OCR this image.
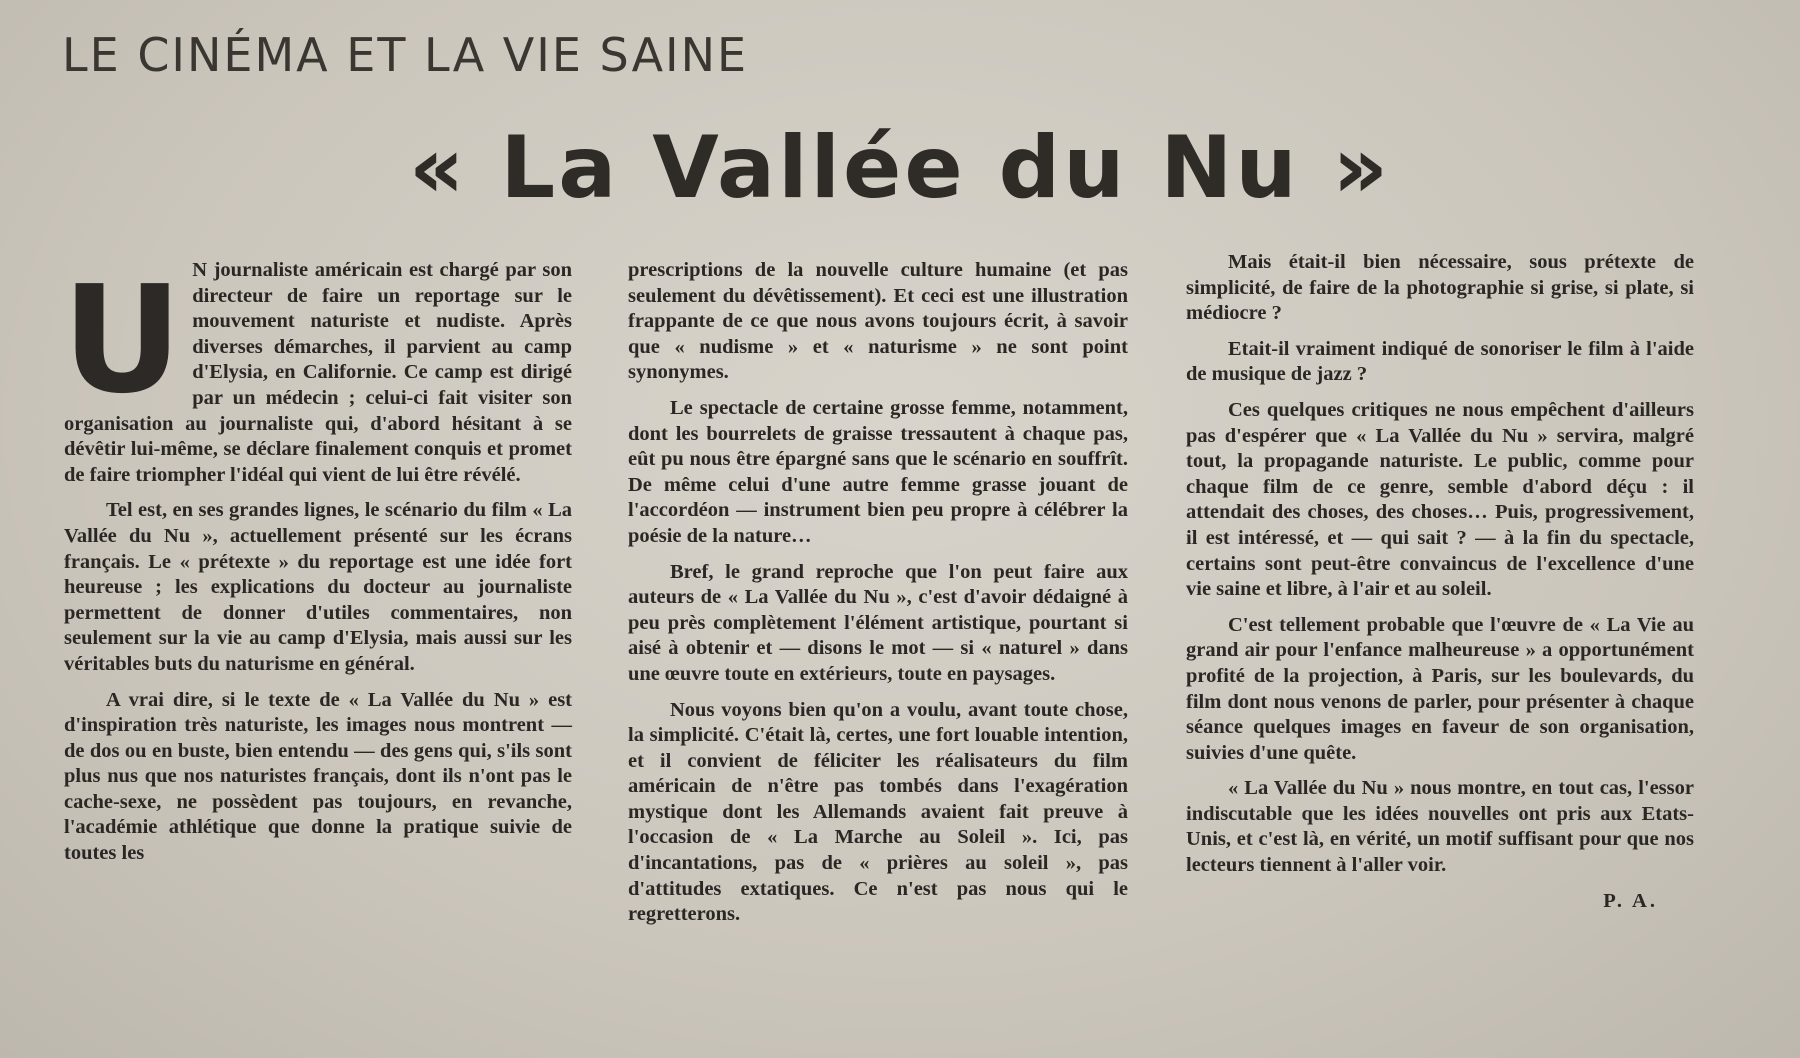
LE CINÉMA ET LA VIE SAINE
« La Vallée du Nu »
U N journaliste américain est chargé par son directeur de faire un reportage sur le mouvement naturiste et nudiste. Après diverses démarches, il parvient au camp d'Elysia, en Californie. Ce camp est dirigé par un médecin ; celui-ci fait visiter son organisation au journaliste qui, d'abord hésitant à se dévêtir lui-même, se déclare finalement conquis et promet de faire triompher l'idéal qui vient de lui être révélé.

Tel est, en ses grandes lignes, le scénario du film « La Vallée du Nu », actuellement présenté sur les écrans français. Le « prétexte » du reportage est une idée fort heureuse ; les explications du docteur au journaliste permettent de donner d'utiles commentaires, non seulement sur la vie au camp d'Elysia, mais aussi sur les véritables buts du naturisme en général.

A vrai dire, si le texte de « La Vallée du Nu » est d'inspiration très naturiste, les images nous montrent — de dos ou en buste, bien entendu — des gens qui, s'ils sont plus nus que nos naturistes français, dont ils n'ont pas le cache-sexe, ne possèdent pas toujours, en revanche, l'académie athlétique que donne la pratique suivie de toutes les

prescriptions de la nouvelle culture humaine (et pas seulement du dévêtissement). Et ceci est une illustration frappante de ce que nous avons toujours écrit, à savoir que « nudisme » et « naturisme » ne sont point synonymes.

Le spectacle de certaine grosse femme, notamment, dont les bourrelets de graisse tressautent à chaque pas, eût pu nous être épargné sans que le scénario en souffrît. De même celui d'une autre femme grasse jouant de l'accordéon — instrument bien peu propre à célébrer la poésie de la nature…

Bref, le grand reproche que l'on peut faire aux auteurs de « La Vallée du Nu », c'est d'avoir dédaigné à peu près complètement l'élément artistique, pourtant si aisé à obtenir et — disons le mot — si « naturel » dans une œuvre toute en extérieurs, toute en paysages.

Nous voyons bien qu'on a voulu, avant toute chose, la simplicité. C'était là, certes, une fort louable intention, et il convient de féliciter les réalisateurs du film américain de n'être pas tombés dans l'exagération mystique dont les Allemands avaient fait preuve à l'occasion de « La Marche au Soleil ». Ici, pas d'incantations, pas de « prières au soleil », pas d'attitudes extatiques. Ce n'est pas nous qui le regretterons.

Mais était-il bien nécessaire, sous prétexte de simplicité, de faire de la photographie si grise, si plate, si médiocre ?

Etait-il vraiment indiqué de sonoriser le film à l'aide de musique de jazz ?

Ces quelques critiques ne nous empêchent d'ailleurs pas d'espérer que « La Vallée du Nu » servira, malgré tout, la propagande naturiste. Le public, comme pour chaque film de ce genre, semble d'abord déçu : il attendait des choses, des choses… Puis, progressivement, il est intéressé, et — qui sait ? — à la fin du spectacle, certains sont peut-être convaincus de l'excellence d'une vie saine et libre, à l'air et au soleil.

C'est tellement probable que l'œuvre de « La Vie au grand air pour l'enfance malheureuse » a opportunément profité de la projection, à Paris, sur les boulevards, du film dont nous venons de parler, pour présenter à chaque séance quelques images en faveur de son organisation, suivies d'une quête.

« La Vallée du Nu » nous montre, en tout cas, l'essor indiscutable que les idées nouvelles ont pris aux Etats-Unis, et c'est là, en vérité, un motif suffisant pour que nos lecteurs tiennent à l'aller voir.

P. A.
